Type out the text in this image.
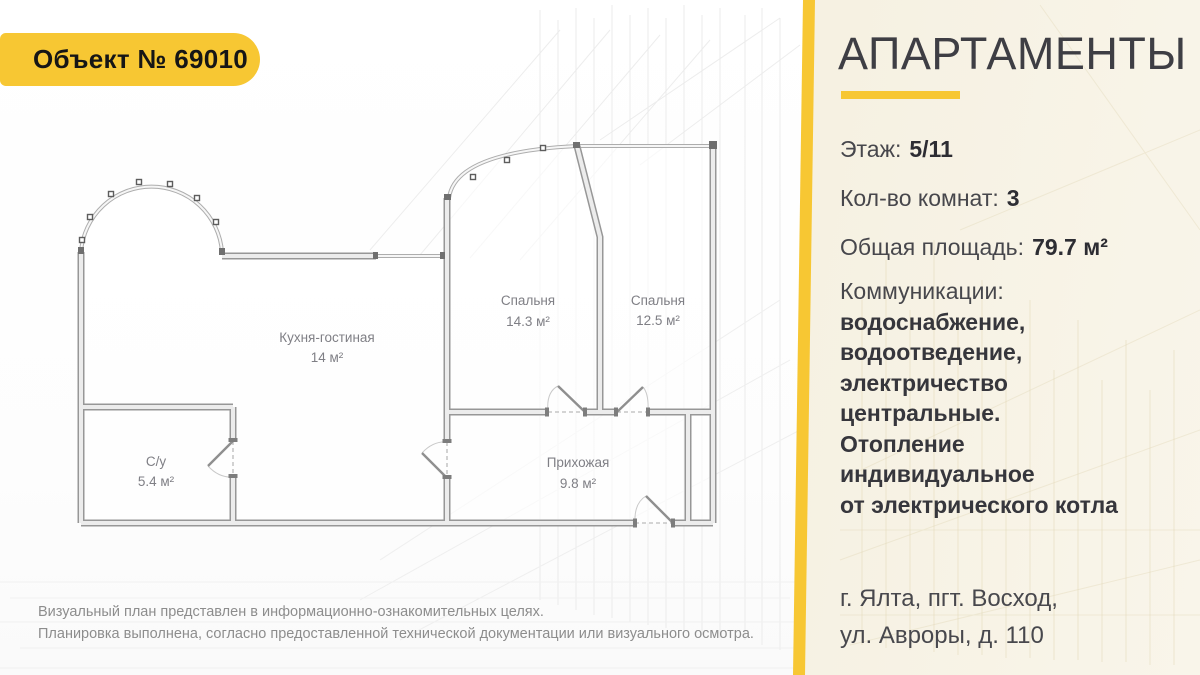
Объект № 69010
Кухня-гостиная
14 м²
Спальня
14.3 м²
Спальня
12.5 м²
С/у
5.4 м²
Прихожая
9.8 м²
АПАРТАМЕНТЫ
Этаж: 5/11
Кол-во комнат: 3
Общая площадь: 79.7 м²
Коммуникации:
водоснабжение,
водоотведение,
электричество
центральные.
Отопление
индивидуальное
от электрического котла
г. Ялта, пгт. Восход,
ул. Авроры, д. 110
Визуальный план представлен в информационно-ознакомительных целях.
Планировка выполнена, согласно предоставленной технической документации или визуального осмотра.
